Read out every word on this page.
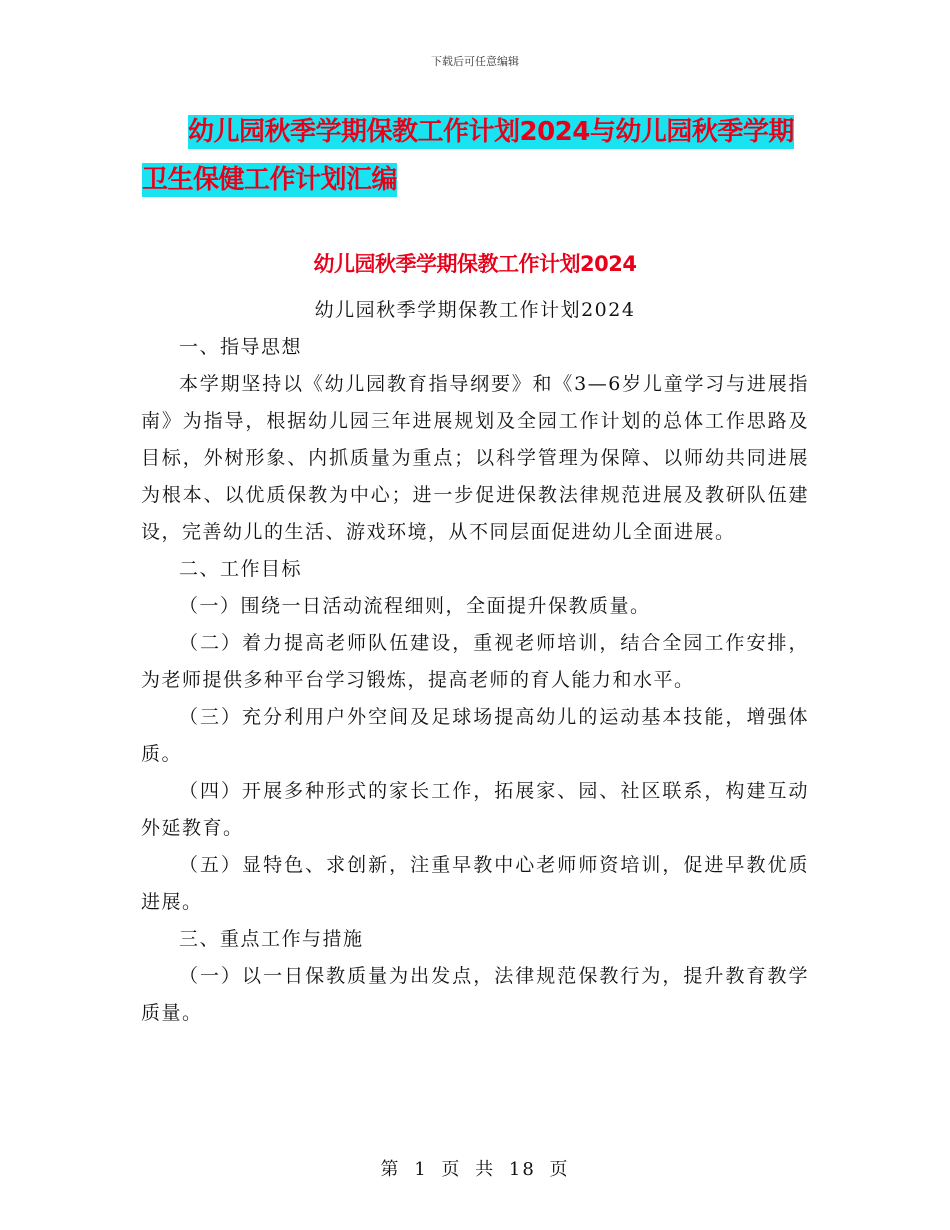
下载后可任意编辑
幼儿园秋季学期保教工作计划2024与幼儿园秋季学期
卫生保健工作计划汇编
幼儿园秋季学期保教工作计划2024

幼儿园秋季学期保教工作计划2024

一、指导思想

本学期坚持以《幼儿园教育指导纲要》和《3—6岁儿童学习与进展指南》为指导，根据幼儿园三年进展规划及全园工作计划的总体工作思路及目标，外树形象、内抓质量为重点；以科学管理为保障、以师幼共同进展为根本、以优质保教为中心；进一步促进保教法律规范进展及教研队伍建设，完善幼儿的生活、游戏环境，从不同层面促进幼儿全面进展。

二、工作目标

（一）围绕一日活动流程细则，全面提升保教质量。

（二）着力提高老师队伍建设，重视老师培训，结合全园工作安排，为老师提供多种平台学习锻炼，提高老师的育人能力和水平。

（三）充分利用户外空间及足球场提高幼儿的运动基本技能，增强体质。

（四）开展多种形式的家长工作，拓展家、园、社区联系，构建互动外延教育。

（五）显特色、求创新，注重早教中心老师师资培训，促进早教优质进展。

三、重点工作与措施

（一）以一日保教质量为出发点，法律规范保教行为，提升教育教学质量。

第 1 页 共 18 页
